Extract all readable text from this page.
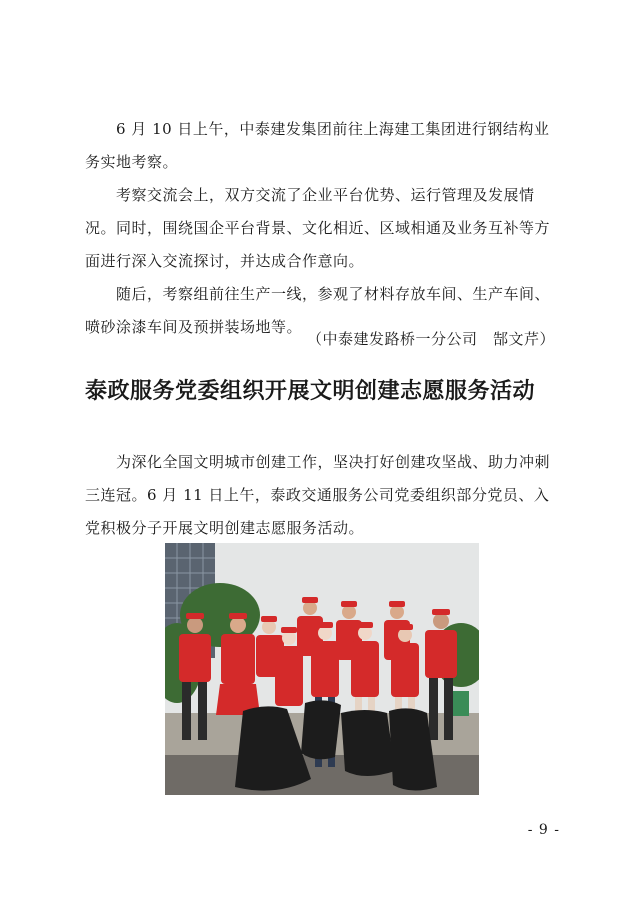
6 月 10 日上午，中泰建发集团前往上海建工集团进行钢结构业务实地考察。

考察交流会上，双方交流了企业平台优势、运行管理及发展情况。同时，围绕国企平台背景、文化相近、区域相通及业务互补等方面进行深入交流探讨，并达成合作意向。

随后，考察组前往生产一线，参观了材料存放车间、生产车间、喷砂涂漆车间及预拼装场地等。

（中泰建发路桥一分公司　郜文芹）

泰政服务党委组织开展文明创建志愿服务活动

为深化全国文明城市创建工作，坚决打好创建攻坚战、助力冲刺三连冠。6 月 11 日上午，泰政交通服务公司党委组织部分党员、入党积极分子开展文明创建志愿服务活动。

- 9 -
